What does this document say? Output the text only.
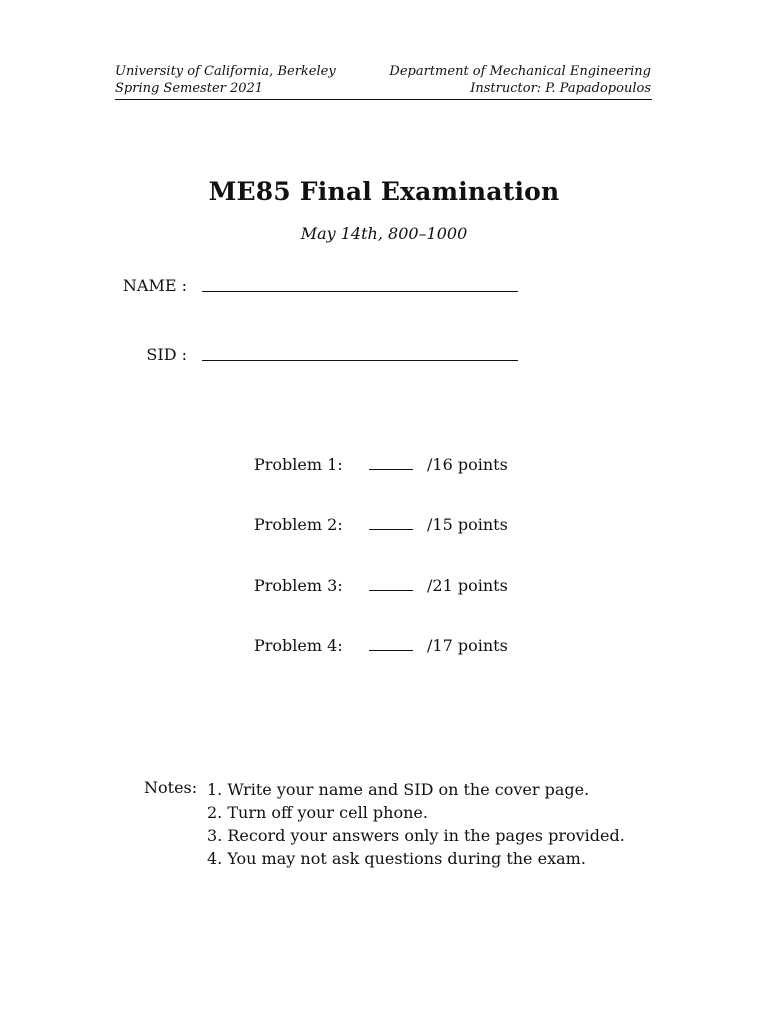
University of California, Berkeley
Spring Semester 2021
Department of Mechanical Engineering
Instructor: P. Papadopoulos
ME85 Final Examination
May 14th, 800–1000
NAME :
SID :
Problem 1:	/16 points
Problem 2:	/15 points
Problem 3:	/21 points
Problem 4:	/17 points
Notes: 1. Write your name and SID on the cover page.
2. Turn off your cell phone.
3. Record your answers only in the pages provided.
4. You may not ask questions during the exam.
